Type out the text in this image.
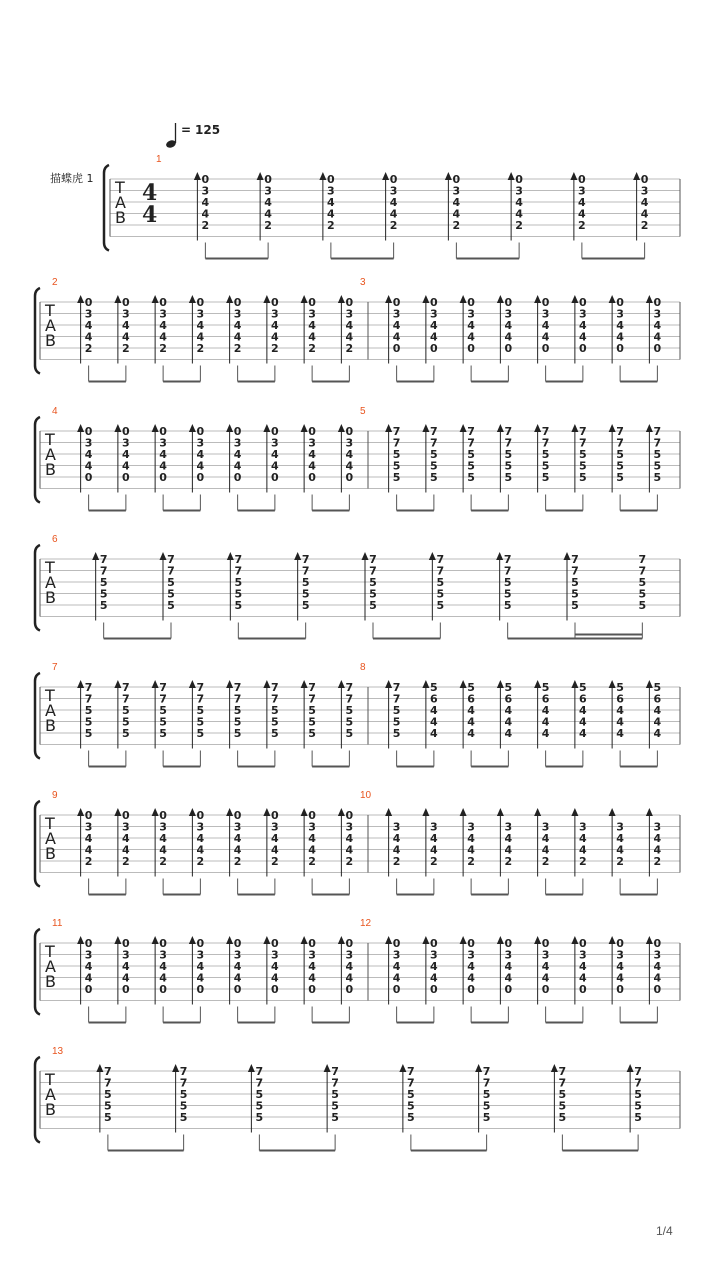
= 125
描蝶虎 1
1/4
T
A
B
4
4
1
0
3
4
4
2
0
3
4
4
2
0
3
4
4
2
0
3
4
4
2
0
3
4
4
2
0
3
4
4
2
0
3
4
4
2
0
3
4
4
2
T
A
B
2
0
3
4
4
2
0
3
4
4
2
0
3
4
4
2
0
3
4
4
2
0
3
4
4
2
0
3
4
4
2
0
3
4
4
2
0
3
4
4
2
3
0
3
4
4
0
0
3
4
4
0
0
3
4
4
0
0
3
4
4
0
0
3
4
4
0
0
3
4
4
0
0
3
4
4
0
0
3
4
4
0
T
A
B
4
0
3
4
4
0
0
3
4
4
0
0
3
4
4
0
0
3
4
4
0
0
3
4
4
0
0
3
4
4
0
0
3
4
4
0
0
3
4
4
0
5
7
7
5
5
5
7
7
5
5
5
7
7
5
5
5
7
7
5
5
5
7
7
5
5
5
7
7
5
5
5
7
7
5
5
5
7
7
5
5
5
T
A
B
6
7
7
5
5
5
7
7
5
5
5
7
7
5
5
5
7
7
5
5
5
7
7
5
5
5
7
7
5
5
5
7
7
5
5
5
7
7
5
5
5
7
7
5
5
5
T
A
B
7
7
7
5
5
5
7
7
5
5
5
7
7
5
5
5
7
7
5
5
5
7
7
5
5
5
7
7
5
5
5
7
7
5
5
5
7
7
5
5
5
8
7
7
5
5
5
5
6
4
4
4
5
6
4
4
4
5
6
4
4
4
5
6
4
4
4
5
6
4
4
4
5
6
4
4
4
5
6
4
4
4
T
A
B
9
0
3
4
4
2
0
3
4
4
2
0
3
4
4
2
0
3
4
4
2
0
3
4
4
2
0
3
4
4
2
0
3
4
4
2
0
3
4
4
2
10
3
4
4
2
3
4
4
2
3
4
4
2
3
4
4
2
3
4
4
2
3
4
4
2
3
4
4
2
3
4
4
2
T
A
B
11
0
3
4
4
0
0
3
4
4
0
0
3
4
4
0
0
3
4
4
0
0
3
4
4
0
0
3
4
4
0
0
3
4
4
0
0
3
4
4
0
12
0
3
4
4
0
0
3
4
4
0
0
3
4
4
0
0
3
4
4
0
0
3
4
4
0
0
3
4
4
0
0
3
4
4
0
0
3
4
4
0
T
A
B
13
7
7
5
5
5
7
7
5
5
5
7
7
5
5
5
7
7
5
5
5
7
7
5
5
5
7
7
5
5
5
7
7
5
5
5
7
7
5
5
5
